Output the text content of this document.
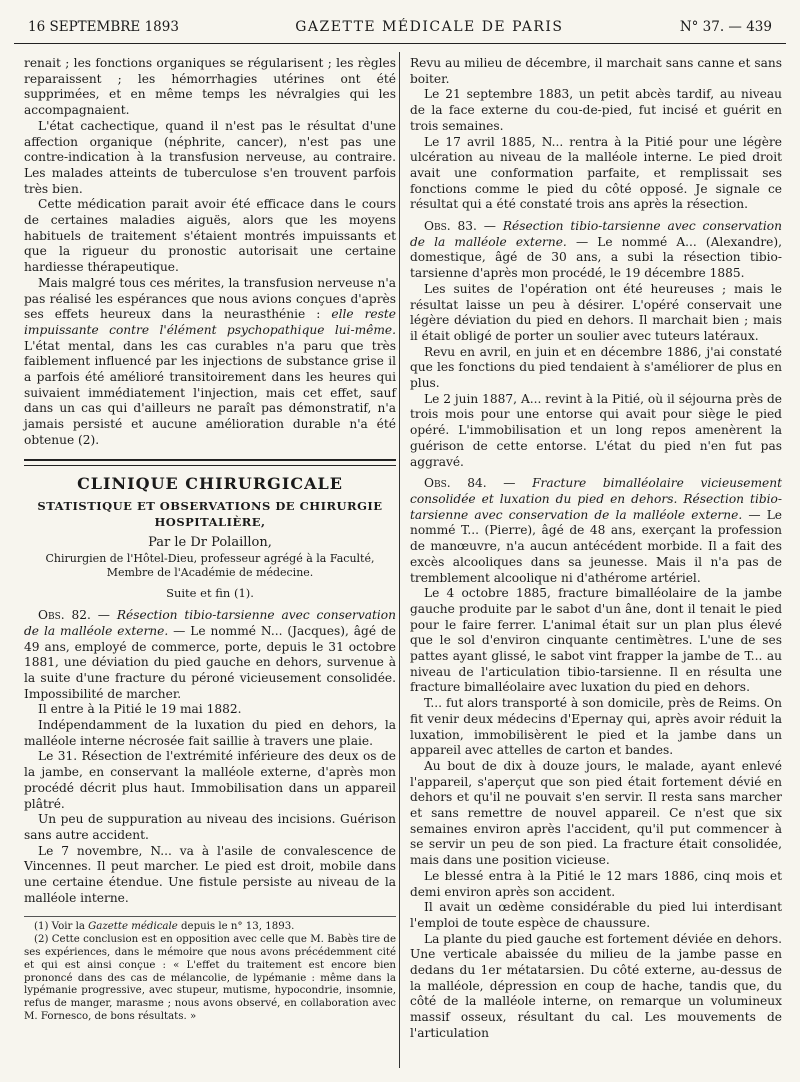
16 SEPTEMBRE 1893	GAZETTE MÉDICALE DE PARIS	N° 37. — 439

renait ; les fonctions organiques se régularisent ; les règles reparaissent ; les hémorrhagies utérines ont été supprimées, et en même temps les névralgies qui les accompagnaient.

L'état cachectique, quand il n'est pas le résultat d'une affection organique (néphrite, cancer), n'est pas une contre-indication à la transfusion nerveuse, au contraire. Les malades atteints de tuberculose s'en trouvent parfois très bien.

Cette médication parait avoir été efficace dans le cours de certaines maladies aiguës, alors que les moyens habituels de traitement s'étaient montrés impuissants et que la rigueur du pronostic autorisait une certaine hardiesse thérapeutique.

Mais malgré tous ces mérites, la transfusion nerveuse n'a pas réalisé les espérances que nous avions conçues d'après ses effets heureux dans la neurasthénie : elle reste impuissante contre l'élément psychopathique lui-même. L'état mental, dans les cas curables n'a paru que très faiblement influencé par les injections de substance grise il a parfois été amélioré transitoirement dans les heures qui suivaient immédiatement l'injection, mais cet effet, sauf dans un cas qui d'ailleurs ne paraît pas démonstratif, n'a jamais persisté et aucune amélioration durable n'a été obtenue (2).

CLINIQUE CHIRURGICALE
STATISTIQUE ET OBSERVATIONS DE CHIRURGIE HOSPITALIÈRE,
Par le Dr Polaillon,
Chirurgien de l'Hôtel-Dieu, professeur agrégé à la Faculté,
Membre de l'Académie de médecine.
Suite et fin (1).

Obs. 82. — Résection tibio-tarsienne avec conservation de la malléole externe. — Le nommé N... (Jacques), âgé de 49 ans, employé de commerce, porte, depuis le 31 octobre 1881, une déviation du pied gauche en dehors, survenue à la suite d'une fracture du péroné vicieusement consolidée. Impossibilité de marcher.

Il entre à la Pitié le 19 mai 1882.

Indépendamment de la luxation du pied en dehors, la malléole interne nécrosée fait saillie à travers une plaie.

Le 31. Résection de l'extrémité inférieure des deux os de la jambe, en conservant la malléole externe, d'après mon procédé décrit plus haut. Immobilisation dans un appareil plâtré.

Un peu de suppuration au niveau des incisions. Guérison sans autre accident.

Le 7 novembre, N... va à l'asile de convalescence de Vincennes. Il peut marcher. Le pied est droit, mobile dans une certaine étendue. Une fistule persiste au niveau de la malléole interne.

(1) Voir la Gazette médicale depuis le n° 13, 1893.

(2) Cette conclusion est en opposition avec celle que M. Babès tire de ses expériences, dans le mémoire que nous avons précédemment cité et qui est ainsi conçue : « L'effet du traitement est encore bien prononcé dans des cas de mélancolie, de lypémanie : même dans la lypémanie progressive, avec stupeur, mutisme, hypocondrie, insomnie, refus de manger, marasme ; nous avons observé, en collaboration avec M. Fornesco, de bons résultats. »

Revu au milieu de décembre, il marchait sans canne et sans boiter.

Le 21 septembre 1883, un petit abcès tardif, au niveau de la face externe du cou-de-pied, fut incisé et guérit en trois semaines.

Le 17 avril 1885, N... rentra à la Pitié pour une légère ulcération au niveau de la malléole interne. Le pied droit avait une conformation parfaite, et remplissait ses fonctions comme le pied du côté opposé. Je signale ce résultat qui a été constaté trois ans après la résection.

Obs. 83. — Résection tibio-tarsienne avec conservation de la malléole externe. — Le nommé A... (Alexandre), domestique, âgé de 30 ans, a subi la résection tibio-tarsienne d'après mon procédé, le 19 décembre 1885.

Les suites de l'opération ont été heureuses ; mais le résultat laisse un peu à désirer. L'opéré conservait une légère déviation du pied en dehors. Il marchait bien ; mais il était obligé de porter un soulier avec tuteurs latéraux.

Revu en avril, en juin et en décembre 1886, j'ai constaté que les fonctions du pied tendaient à s'améliorer de plus en plus.

Le 2 juin 1887, A... revint à la Pitié, où il séjourna près de trois mois pour une entorse qui avait pour siège le pied opéré. L'immobilisation et un long repos amenèrent la guérison de cette entorse. L'état du pied n'en fut pas aggravé.

Obs. 84. — Fracture bimalléolaire vicieusement consolidée et luxation du pied en dehors. Résection tibio-tarsienne avec conservation de la malléole externe. — Le nommé T... (Pierre), âgé de 48 ans, exerçant la profession de manœuvre, n'a aucun antécédent morbide. Il a fait des excès alcooliques dans sa jeunesse. Mais il n'a pas de tremblement alcoolique ni d'athérome artériel.

Le 4 octobre 1885, fracture bimalléolaire de la jambe gauche produite par le sabot d'un âne, dont il tenait le pied pour le faire ferrer. L'animal était sur un plan plus élevé que le sol d'environ cinquante centimètres. L'une de ses pattes ayant glissé, le sabot vint frapper la jambe de T... au niveau de l'articulation tibio-tarsienne. Il en résulta une fracture bimalléolaire avec luxation du pied en dehors.

T... fut alors transporté à son domicile, près de Reims. On fit venir deux médecins d'Epernay qui, après avoir réduit la luxation, immobilisèrent le pied et la jambe dans un appareil avec attelles de carton et bandes.

Au bout de dix à douze jours, le malade, ayant enlevé l'appareil, s'aperçut que son pied était fortement dévié en dehors et qu'il ne pouvait s'en servir. Il resta sans marcher et sans remettre de nouvel appareil. Ce n'est que six semaines environ après l'accident, qu'il put commencer à se servir un peu de son pied. La fracture était consolidée, mais dans une position vicieuse.

Le blessé entra à la Pitié le 12 mars 1886, cinq mois et demi environ après son accident.

Il avait un œdème considérable du pied lui interdisant l'emploi de toute espèce de chaussure.

La plante du pied gauche est fortement déviée en dehors. Une verticale abaissée du milieu de la jambe passe en dedans du 1er métatarsien. Du côté externe, au-dessus de la malléole, dépression en coup de hache, tandis que, du côté de la malléole interne, on remarque un volumineux massif osseux, résultant du cal. Les mouvements de l'articulation
